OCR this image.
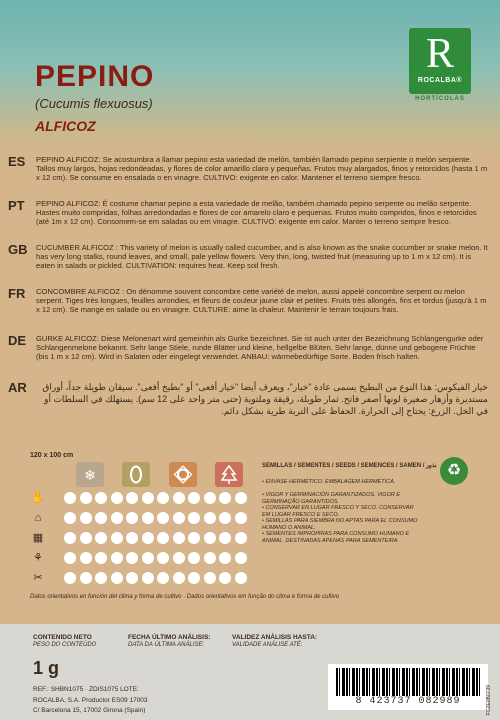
PEPINO
(Cucumis flexuosus)
ALFICOZ
R
ROCALBA®
HORTÍCOLAS
ES	PEPINO ALFICOZ: Se acostumbra a llamar pepino esta variedad de melón, también llamado pepino serpiente o melón serpiente. Tallos muy largos, hojas redondeadas, y flores de color amarillo claro y pequeñas. Frutos muy alargados, finos y retorcidos (hasta 1 m x 12 cm). Se consume en ensalada o en vinagre. CULTIVO: exigente en calor. Mantener el terreno siempre fresco.
PT	PEPINO ALFICOZ: É costume chamar pepino a esta variedade de melão, também chamado pepino serpente ou melão serpente. Hastes muito compridas, folhas arredondadas e flores de cor amarelo claro e pequenas. Frutos muito compridos, finos e retorcidos (até 1m x 12 cm). Consomem-se em saladas ou em vinagre. CULTIVO: exigente em calor. Manter o terreno sempre fresco.
GB	CUCUMBER ALFICOZ : This variety of melon is usually called cucumber, and is also known as the snake cucumber or snake melon. It has very long stalks, round leaves, and small, pale yellow flowers. Very thin, long, twisted fruit (measuring up to 1 m x 12 cm). It is eaten in salads or pickled. CULTIVATION: requires heat. Keep soil fresh.
FR	CONCOMBRE ALFICOZ : On dénomme souvent concombre cette variété de melon, aussi appelé concombre serpent ou melon serpent. Tiges très longues, feuilles arrondies, et fleurs de couleur jaune clair et petites. Fruits très allongés, fins et tordus (jusqu'à 1 m x 12 cm). Se mange en salade ou en vinaigre. CULTURE: aime la chaleur. Maintenir le terrain toujours frais.
DE	GURKE ALFICOZ: Diese Melonenart wird gemeinhin als Gurke bezeichnet. Sie ist auch unter der Bezeichnung Schlangengurke oder Schlangenmelone bekannt. Sehr lange Stiele, runde Blätter und kleine, hellgelbe Blüten. Sehr lange, dünne und gebogene Früchte (bis 1 m x 12 cm). Wird in Salaten oder eingelegt verwendet. ANBAU: wärmebedürftige Sorte. Boden frisch halten.
AR	خيار الفيكوس: هذا النوع من البطيخ يسمى عادة "خيار"، ويعرف أيضا "خيار أفعى" أو "بطيخ أفعى". سيقان طويلة جداً، أوراق مستديرة وأزهار صغيرة لونها أصفر فاتح. ثمار طويلة، رقيقة وملتوية (حتى متر واحد على 12 سم). يستهلك في السلطات أو في الخل. الزرع: يحتاج إلى الحرارة. الحفاظ على التربة طرية بشكل دائم.
120 x 100 cm
❄
✋
⌂
▦
⚘
✂
SEMILLAS / SEMENTES / SEEDS / SEMENCES / SAMEN / بذور
• ENVASE HERMÉTICO. EMBALAGEM HERMÉTICA.
• VIGOR Y GERMINACIÓN GARANTIZADOS. VIGOR E GERMINAÇÃO GARANTIDOS.
• CONSERVAR EN LUGAR FRESCO Y SECO. CONSERVAR EM LUGAR FRESCO E SECO.
• SEMILLAS PARA SIEMBRA NO APTAS PARA EL CONSUMO HUMANO O ANIMAL.
• SEMENTES IMPRÓPRIAS PARA CONSUMO HUMANO E ANIMAL. DESTINADAS APENAS PARA SEMENTEIRA.
♻
Datos orientativos en función del clima y forma de cultivo · Dados orientativos em função do clima e forma de cultivo
CONTENIDO NETO
PESO DO CONTEÚDO
1 g
FECHA ÚLTIMO ANÁLISIS:
DATA DA ÚLTIMA ANÁLISE:
VALIDEZ ANÁLISIS HASTA:
VALIDADE ANÁLISE ATÉ:
REF.: SHBN1075 · ZDIS1075 LOTE:
ROCALBA, S.A. Productor ES09 17003
C/ Barcelona 15, 17002 Girona (Spain)
8 423737 082989	FC2E0B0739
